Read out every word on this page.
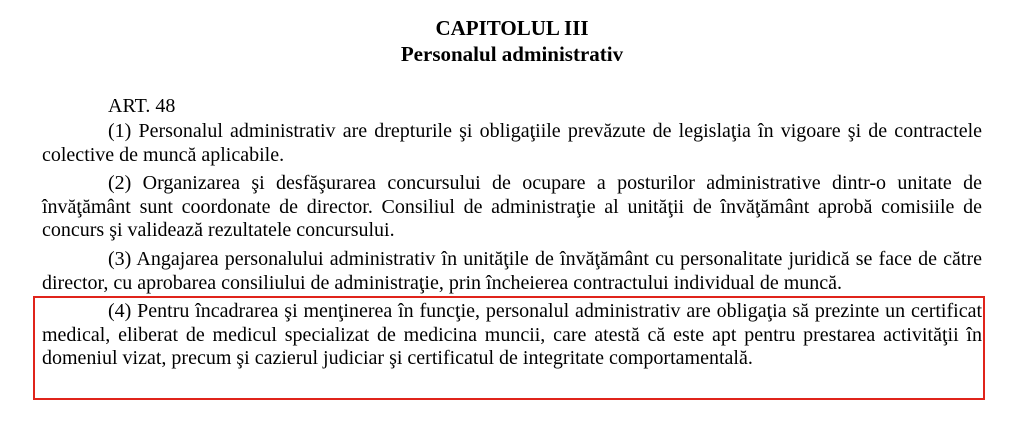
CAPITOLUL III
Personalul administrativ
ART. 48

(1) Personalul administrativ are drepturile şi obligaţiile prevăzute de legislaţia în vigoare şi de contractele colective de muncă aplicabile.

(2) Organizarea şi desfăşurarea concursului de ocupare a posturilor administrative dintr-o unitate de învăţământ sunt coordonate de director. Consiliul de administraţie al unităţii de învăţământ aprobă comisiile de concurs şi validează rezultatele concursului.

(3) Angajarea personalului administrativ în unităţile de învăţământ cu personalitate juridică se face de către director, cu aprobarea consiliului de administraţie, prin încheierea contractului individual de muncă.

(4) Pentru încadrarea şi menţinerea în funcţie, personalul administrativ are obligaţia să prezinte un certificat medical, eliberat de medicul specializat de medicina muncii, care atestă că este apt pentru prestarea activităţii în domeniul vizat, precum şi cazierul judiciar şi certificatul de integritate comportamentală.
